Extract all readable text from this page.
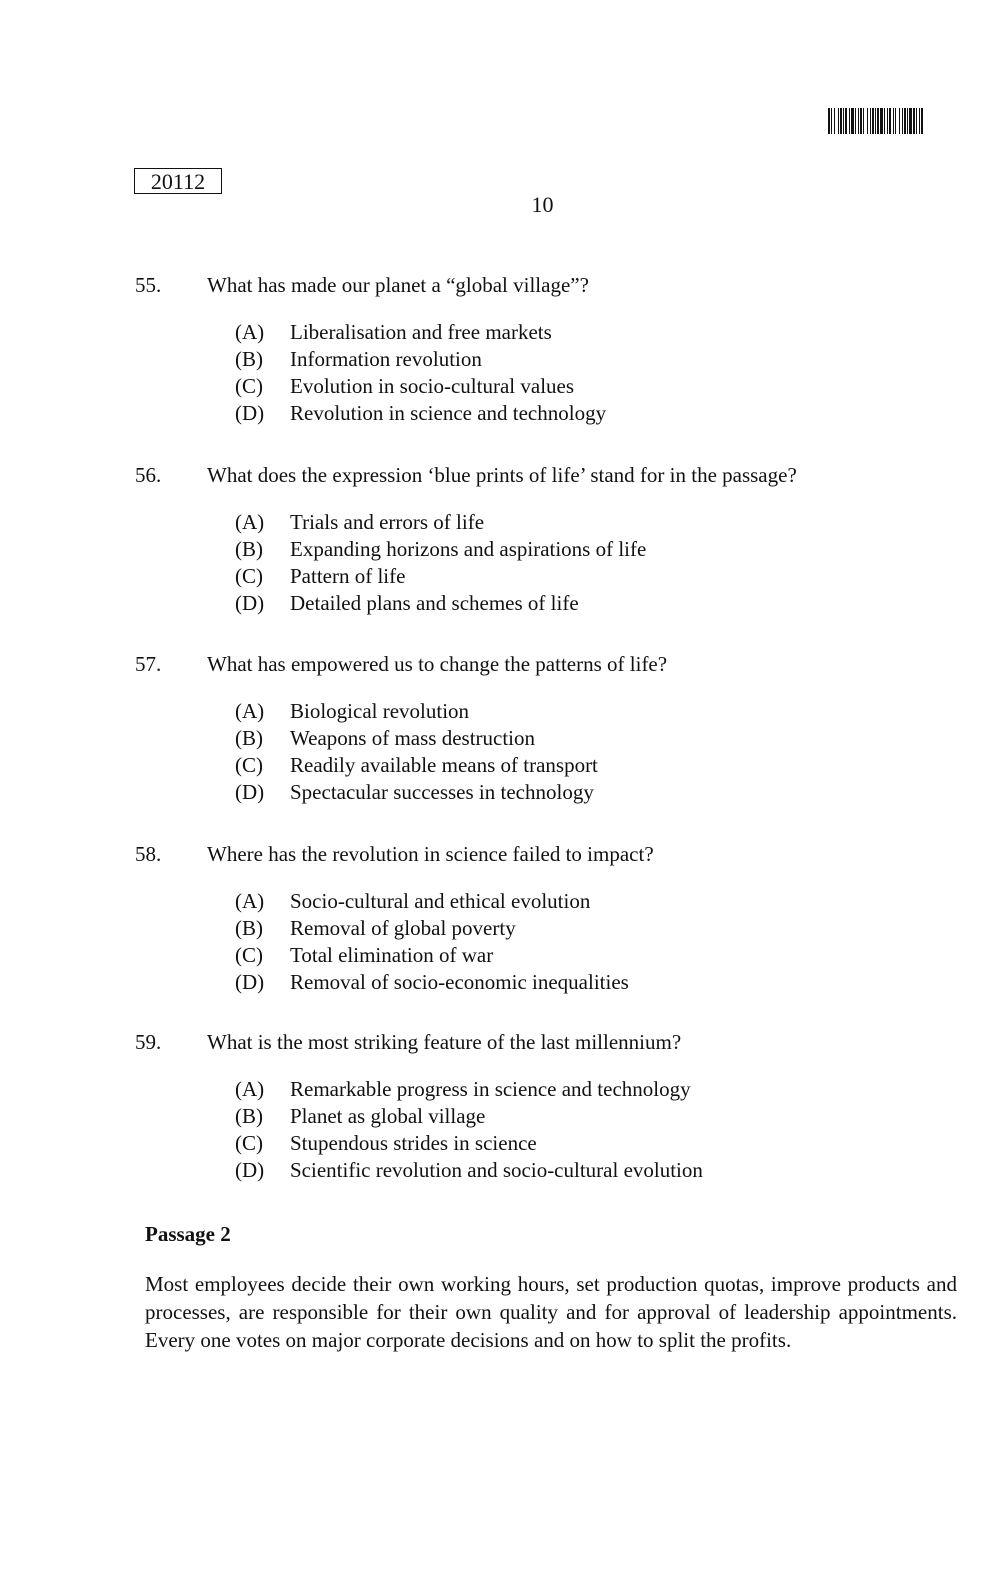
20112
10
55.	What has made our planet a “global village”?
(A)	Liberalisation and free markets
(B)	Information revolution
(C)	Evolution in socio-cultural values
(D)	Revolution in science and technology
56.	What does the expression ‘blue prints of life’ stand for in the passage?
(A)	Trials and errors of life
(B)	Expanding horizons and aspirations of life
(C)	Pattern of life
(D)	Detailed plans and schemes of life
57.	What has empowered us to change the patterns of life?
(A)	Biological revolution
(B)	Weapons of mass destruction
(C)	Readily available means of transport
(D)	Spectacular successes in technology
58.	Where has the revolution in science failed to impact?
(A)	Socio-cultural and ethical evolution
(B)	Removal of global poverty
(C)	Total elimination of war
(D)	Removal of socio-economic inequalities
59.	What is the most striking feature of the last millennium?
(A)	Remarkable progress in science and technology
(B)	Planet as global village
(C)	Stupendous strides in science
(D)	Scientific revolution and socio-cultural evolution
Passage 2

Most employees decide their own working hours, set production quotas, improve products and processes, are responsible for their own quality and for approval of leadership appointments. Every one votes on major corporate decisions and on how to split the profits.
